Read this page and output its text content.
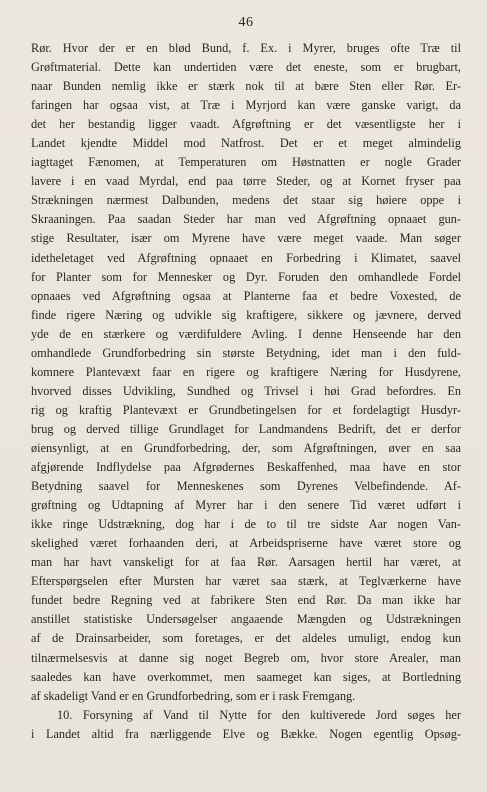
46
Rør. Hvor der er en blød Bund, f. Ex. i Myrer, bruges ofte Træ til
Grøftmaterial. Dette kan undertiden være det eneste, som er brugbart,
naar Bunden nemlig ikke er stærk nok til at bære Sten eller Rør. Er-
faringen har ogsaa vist, at Træ i Myrjord kan være ganske varigt, da
det her bestandig ligger vaadt. Afgrøftning er det væsentligste her i
Landet kjendte Middel mod Natfrost. Det er et meget almindelig
iagttaget Fænomen, at Temperaturen om Høstnatten er nogle Grader
lavere i en vaad Myrdal, end paa tørre Steder, og at Kornet fryser paa
Strækningen nærmest Dalbunden, medens det staar sig høiere oppe i
Skraaningen. Paa saadan Steder har man ved Afgrøftning opnaaet gun-
stige Resultater, især om Myrene have være meget vaade. Man søger
idetheletaget ved Afgrøftning opnaaet en Forbedring i Klimatet, saavel
for Planter som for Mennesker og Dyr. Foruden den omhandlede Fordel
opnaaes ved Afgrøftning ogsaa at Planterne faa et bedre Voxested, de
finde rigere Næring og udvikle sig kraftigere, sikkere og jævnere, derved
yde de en stærkere og værdifuldere Avling. I denne Henseende har den
omhandlede Grundforbedring sin største Betydning, idet man i den fuld-
komnere Plantevæxt faar en rigere og kraftigere Næring for Husdyrene,
hvorved disses Udvikling, Sundhed og Trivsel i høi Grad befordres. En
rig og kraftig Plantevæxt er Grundbetingelsen for et fordelagtigt Husdyr-
brug og derved tillige Grundlaget for Landmandens Bedrift, det er derfor
øiensynligt, at en Grundforbedring, der, som Afgrøftningen, øver en saa
afgjørende Indflydelse paa Afgrødernes Beskaffenhed, maa have en stor
Betydning saavel for Menneskenes som Dyrenes Velbefindende. Af-
grøftning og Udtapning af Myrer har i den senere Tid været udført i
ikke ringe Udstrækning, dog har i de to til tre sidste Aar nogen Van-
skelighed været forhaanden deri, at Arbeidspriserne have været store og
man har havt vanskeligt for at faa Rør. Aarsagen hertil har været, at
Efterspørgselen efter Mursten har været saa stærk, at Teglværkerne have
fundet bedre Regning ved at fabrikere Sten end Rør. Da man ikke har
anstillet statistiske Undersøgelser angaaende Mængden og Udstrækningen
af de Drainsarbeider, som foretages, er det aldeles umuligt, endog kun
tilnærmelsesvis at danne sig noget Begreb om, hvor store Arealer, man
saaledes kan have overkommet, men saameget kan siges, at Bortledning
af skadeligt Vand er en Grundforbedring, som er i rask Fremgang.
10. Forsyning af Vand til Nytte for den kultiverede Jord søges her
i Landet altid fra nærliggende Elve og Bække. Nogen egentlig Opsøg-
